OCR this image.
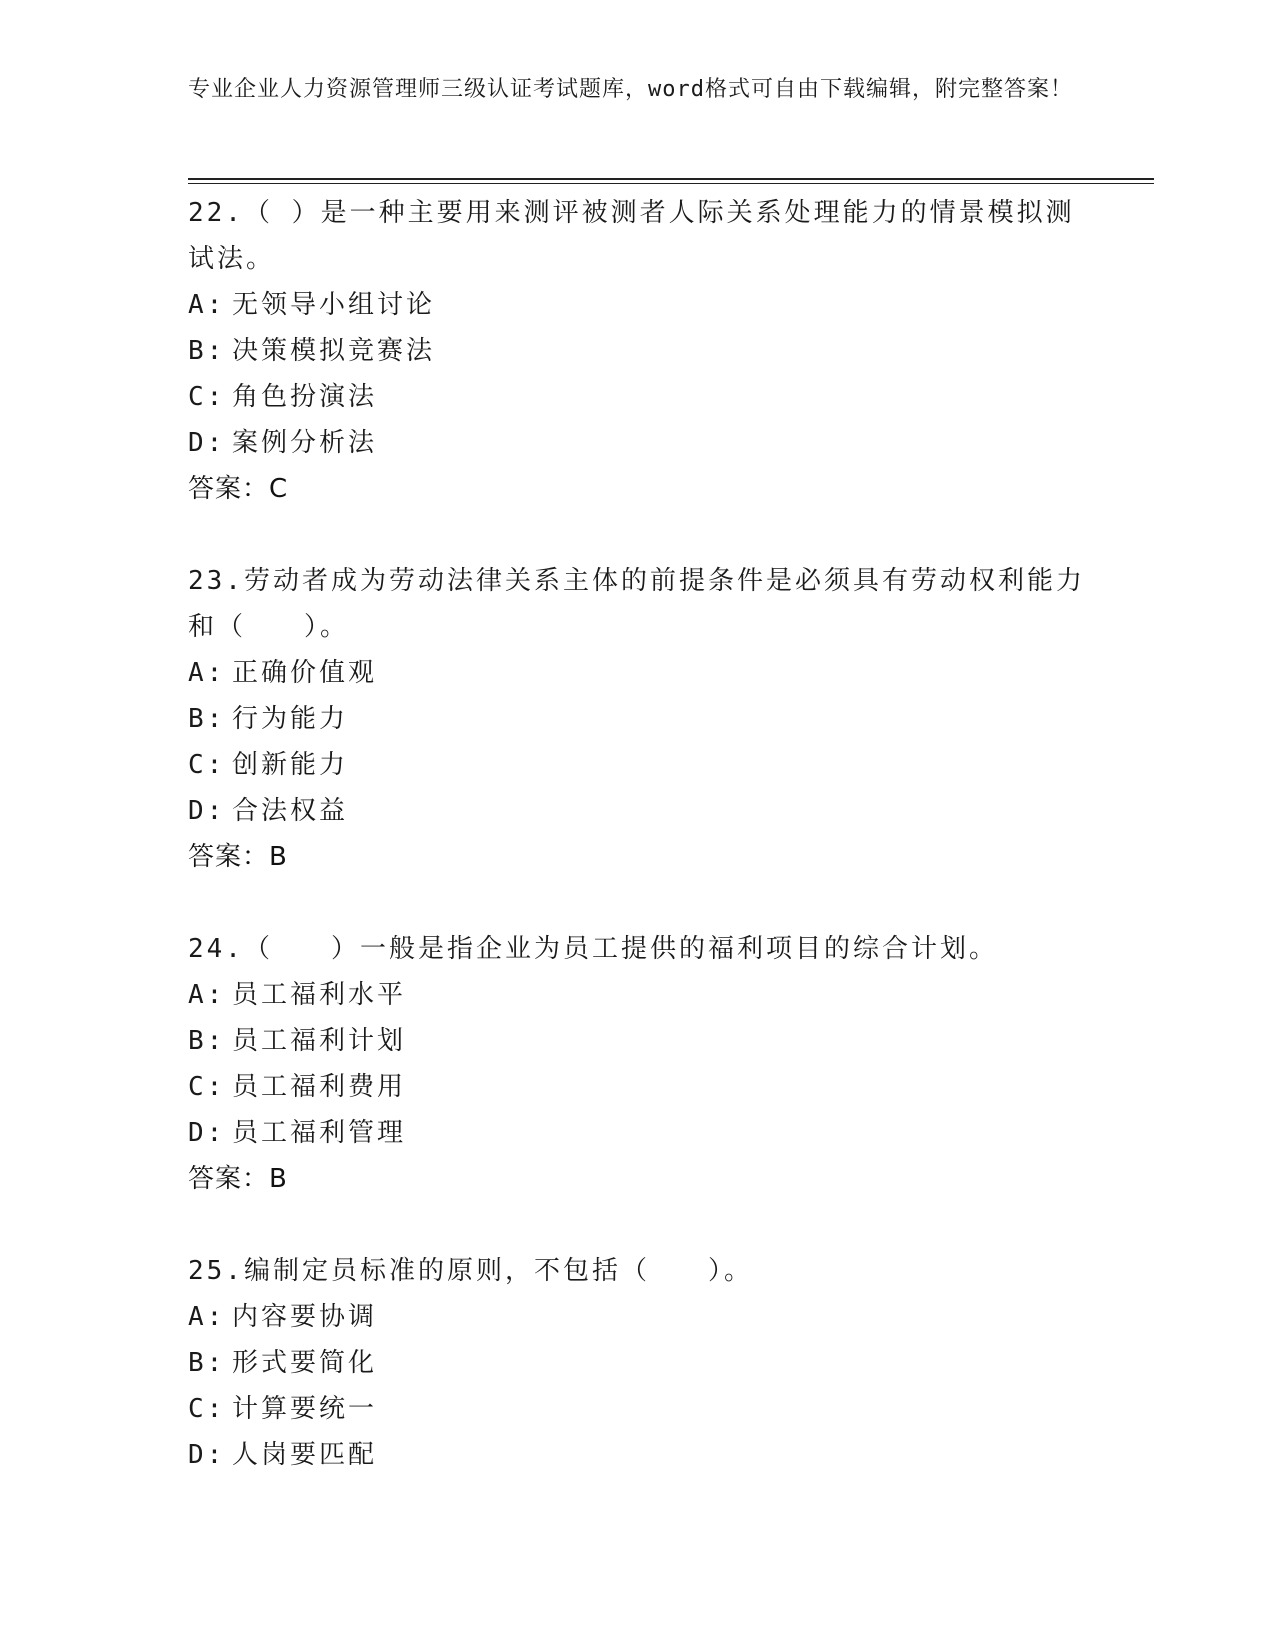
专业企业人力资源管理师三级认证考试题库，word格式可自由下载编辑，附完整答案！

22.（ ）是一种主要用来测评被测者人际关系处理能力的情景模拟测试法。

A: 无领导小组讨论

B: 决策模拟竞赛法

C: 角色扮演法

D: 案例分析法

答案：C

23.劳动者成为劳动法律关系主体的前提条件是必须具有劳动权利能力和（　　）。

A: 正确价值观

B: 行为能力

C: 创新能力

D: 合法权益

答案：B

24.（　　）一般是指企业为员工提供的福利项目的综合计划。

A: 员工福利水平

B: 员工福利计划

C: 员工福利费用

D: 员工福利管理

答案：B

25.编制定员标准的原则，不包括（　　）。

A: 内容要协调

B: 形式要简化

C: 计算要统一

D: 人岗要匹配
